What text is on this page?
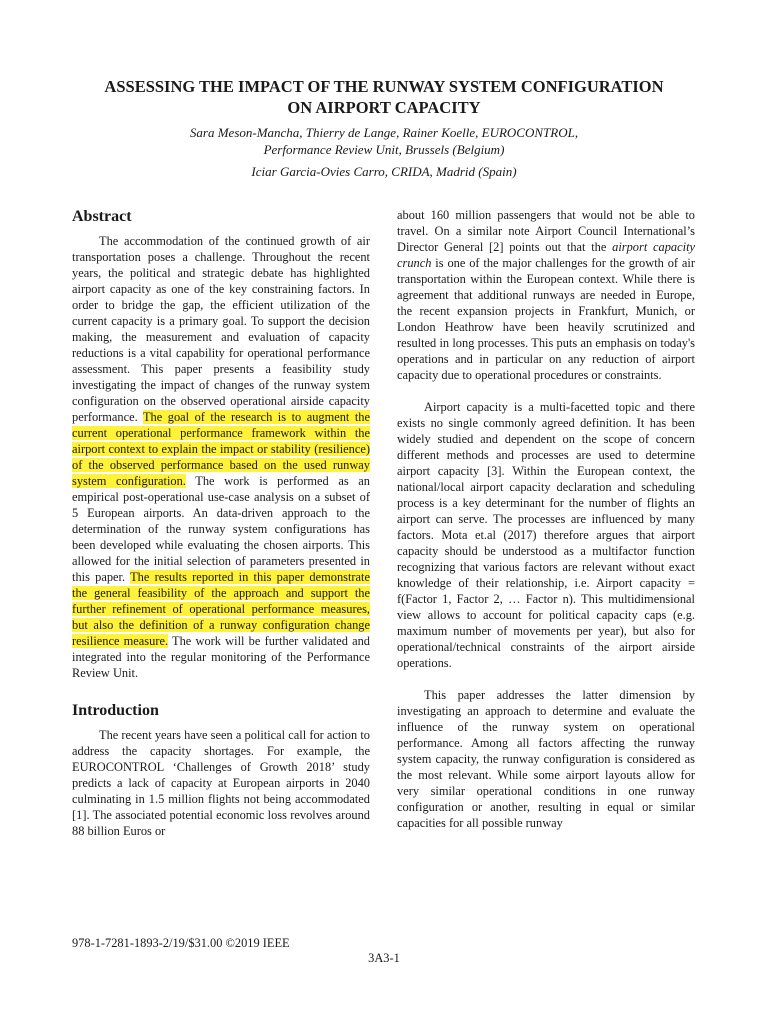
ASSESSING THE IMPACT OF THE RUNWAY SYSTEM CONFIGURATION
ON AIRPORT CAPACITY
Sara Meson-Mancha, Thierry de Lange, Rainer Koelle, EUROCONTROL,
Performance Review Unit, Brussels (Belgium)
Iciar Garcia-Ovies Carro, CRIDA, Madrid (Spain)
Abstract

The accommodation of the continued growth of air transportation poses a challenge. Throughout the recent years, the political and strategic debate has highlighted airport capacity as one of the key constraining factors. In order to bridge the gap, the efficient utilization of the current capacity is a primary goal. To support the decision making, the measurement and evaluation of capacity reductions is a vital capability for operational performance assessment. This paper presents a feasibility study investigating the impact of changes of the runway system configuration on the observed operational airside capacity performance. The goal of the research is to augment the current operational performance framework within the airport context to explain the impact or stability (resilience) of the observed performance based on the used runway system configuration. The work is performed as an empirical post-operational use-case analysis on a subset of 5 European airports. An data-driven approach to the determination of the runway system configurations has been developed while evaluating the chosen airports. This allowed for the initial selection of parameters presented in this paper. The results reported in this paper demonstrate the general feasibility of the approach and support the further refinement of operational performance measures, but also the definition of a runway configuration change resilience measure. The work will be further validated and integrated into the regular monitoring of the Performance Review Unit.

Introduction

The recent years have seen a political call for action to address the capacity shortages. For example, the EUROCONTROL ‘Challenges of Growth 2018’ study predicts a lack of capacity at European airports in 2040 culminating in 1.5 million flights not being accommodated [1]. The associated potential economic loss revolves around 88 billion Euros or

about 160 million passengers that would not be able to travel. On a similar note Airport Council International’s Director General [2] points out that the airport capacity crunch is one of the major challenges for the growth of air transportation within the European context. While there is agreement that additional runways are needed in Europe, the recent expansion projects in Frankfurt, Munich, or London Heathrow have been heavily scrutinized and resulted in long processes. This puts an emphasis on today's operations and in particular on any reduction of airport capacity due to operational procedures or constraints.

Airport capacity is a multi-facetted topic and there exists no single commonly agreed definition. It has been widely studied and dependent on the scope of concern different methods and processes are used to determine airport capacity [3]. Within the European context, the national/local airport capacity declaration and scheduling process is a key determinant for the number of flights an airport can serve. The processes are influenced by many factors. Mota et.al (2017) therefore argues that airport capacity should be understood as a multifactor function recognizing that various factors are relevant without exact knowledge of their relationship, i.e. Airport capacity = f(Factor 1, Factor 2, … Factor n). This multidimensional view allows to account for political capacity caps (e.g. maximum number of movements per year), but also for operational/technical constraints of the airport airside operations.

This paper addresses the latter dimension by investigating an approach to determine and evaluate the influence of the runway system on operational performance. Among all factors affecting the runway system capacity, the runway configuration is considered as the most relevant. While some airport layouts allow for very similar operational conditions in one runway configuration or another, resulting in equal or similar capacities for all possible runway

978-1-7281-1893-2/19/$31.00 ©2019 IEEE
3A3-1
